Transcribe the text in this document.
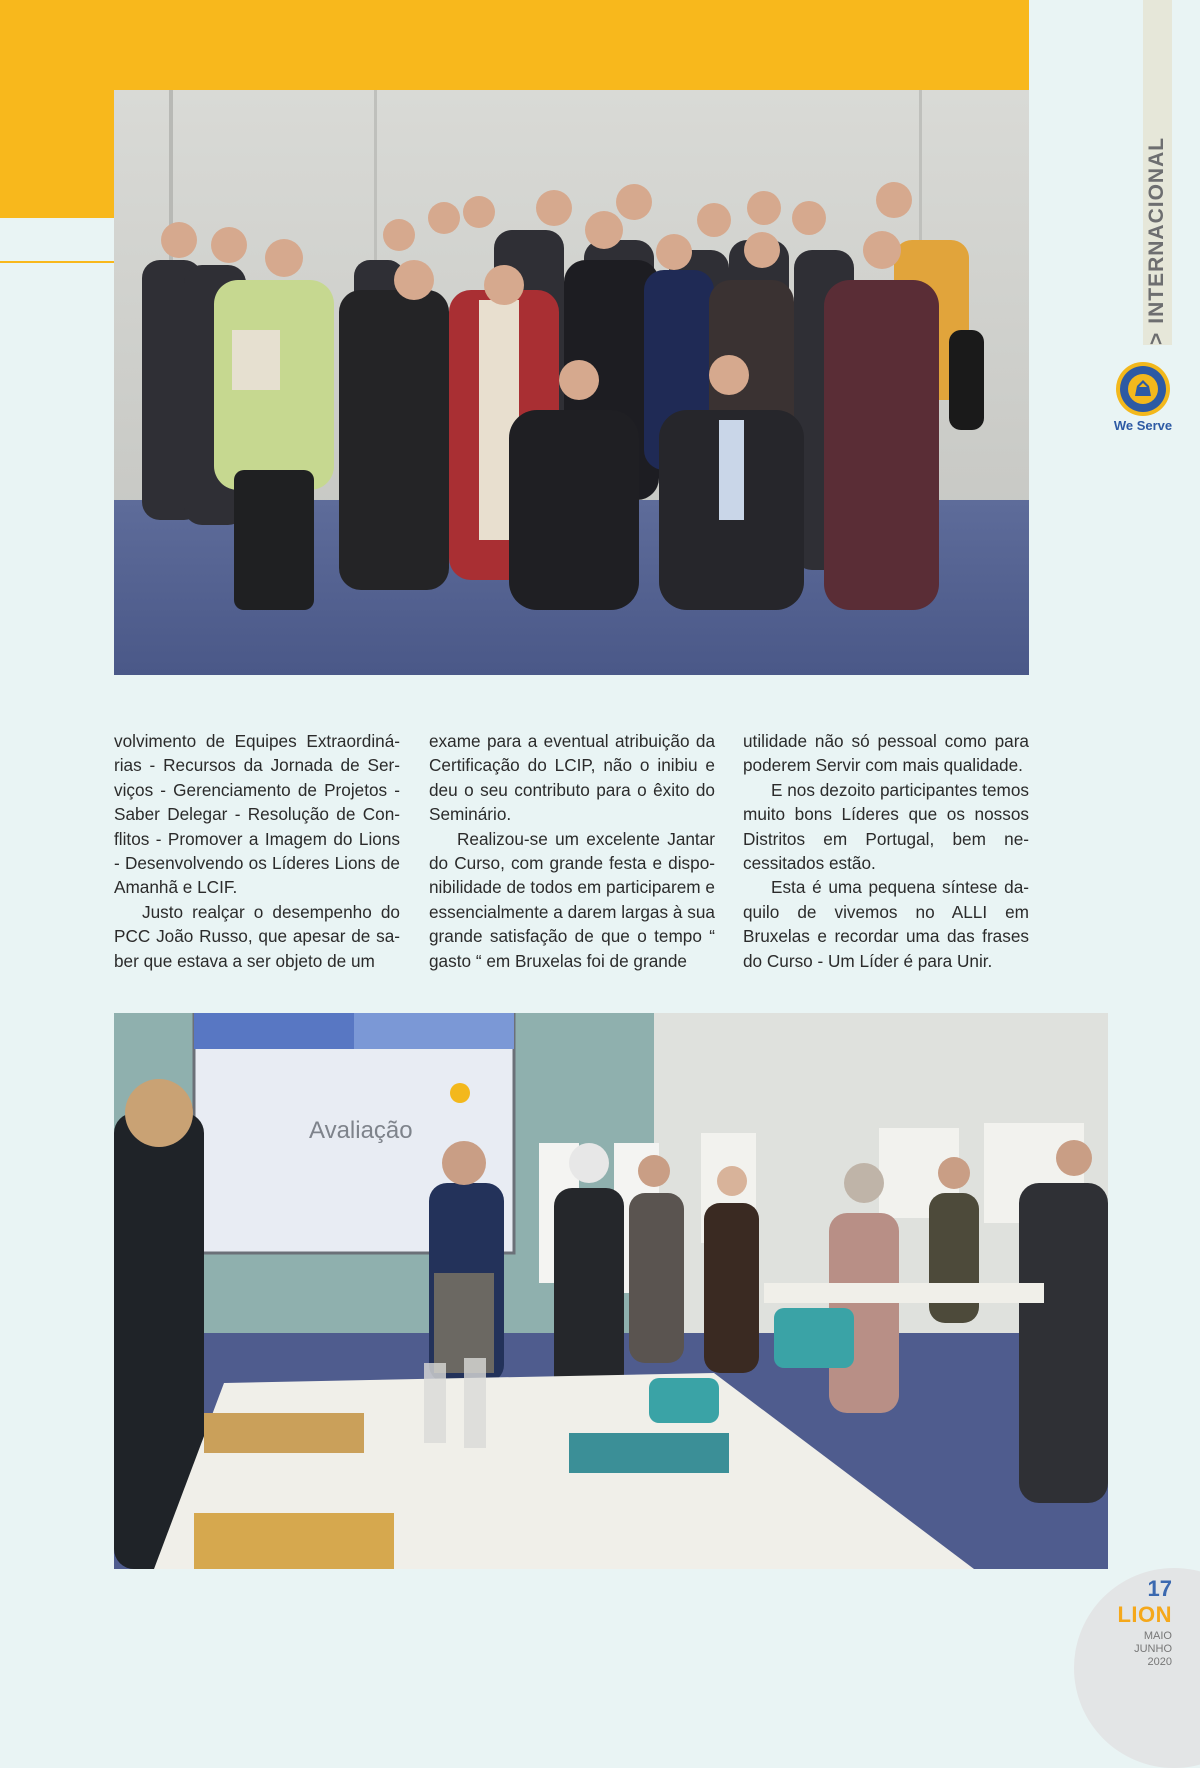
>INTERNACIONAL
We Serve

volvimento de Equipes Extraordinárias - Recursos da Jornada de Serviços - Gerenciamento de Projetos - Saber Delegar - Resolução de Conflitos - Promover a Imagem do Lions - Desenvolvendo os Líderes Lions de Amanhã e LCIF.

Justo realçar o desempenho do PCC João Russo, que apesar de saber que estava a ser objeto de um

exame para a eventual atribuição da Certificação do LCIP, não o inibiu e deu o seu contributo para o êxito do Seminário.

Realizou-se um excelente Jantar do Curso, com grande festa e disponibilidade de todos em participarem e essencialmente a darem largas à sua grande satisfação de que o tempo “ gasto “ em Bruxelas foi de grande

utilidade não só pessoal como para poderem Servir com mais qualidade.

E nos dezoito participantes temos muito bons Líderes que os nossos Distritos em Portugal, bem necessitados estão.

Esta é uma pequena síntese daquilo de vivemos no ALLI em Bruxelas e recordar uma das frases do Curso - Um Líder é para Unir.

Avaliação
17
LION
MAIO
JUNHO
2020
